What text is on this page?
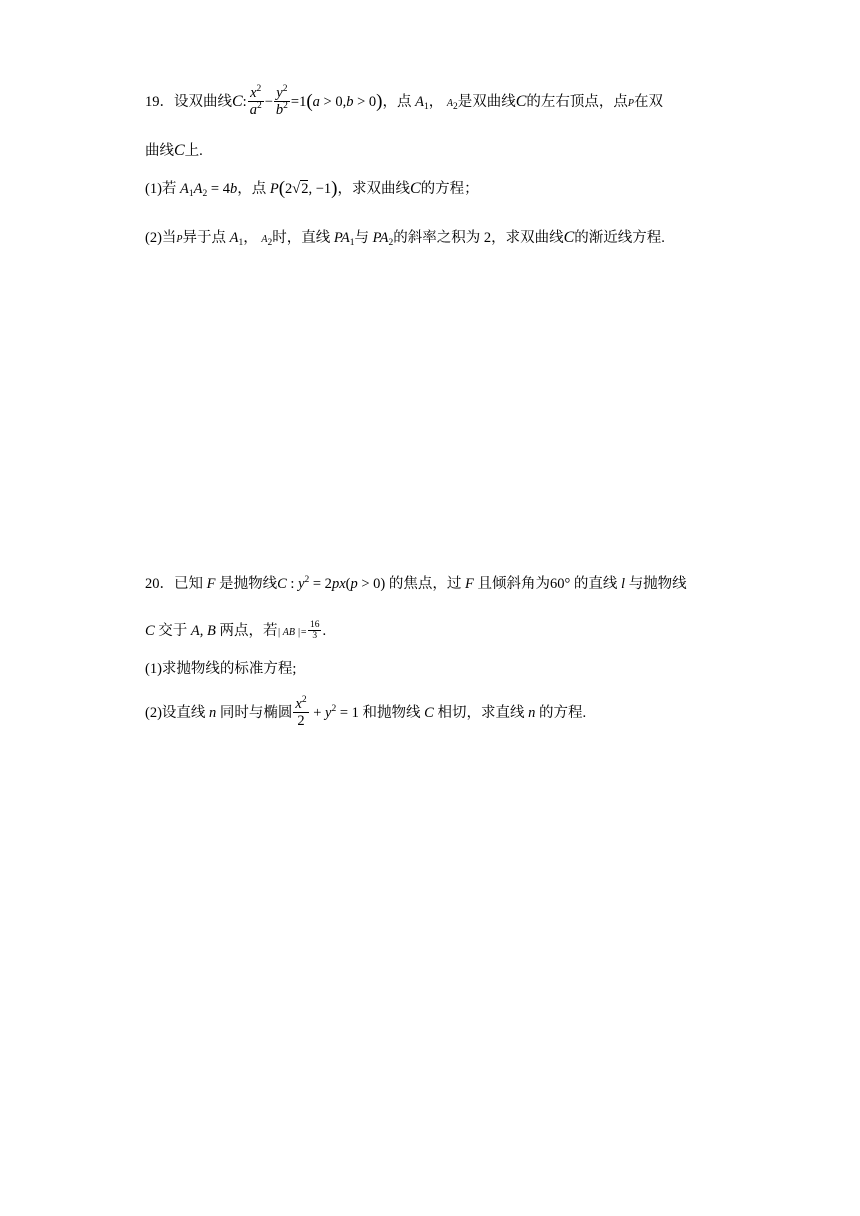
19．设双曲线C: $\frac{x^2}{a^2} - \frac{y^2}{b^2} =1(a > 0,b > 0)$，点 $A_1$， $A_2$是双曲线C的左右顶点，点P在双
曲线C上.
(1)若 $A_1A_2 = 4b$，点 P(2√2, −1)，求双曲线C的方程；
(2)当P异于点 $A_1$， $A_2$时，直线 $PA_1$与 $PA_2$的斜率之积为 2，求双曲线C的渐近线方程.
20．已知 F 是抛物线C : $y^2 = 2px(p > 0)$ 的焦点，过 F 且倾斜角为60° 的直线 l 与抛物线
C 交于 A, B 两点，若| AB |= $\frac{16}{3}$ .
(1)求抛物线的标准方程;
(2)设直线 n 同时与椭圆 $\frac{x^2}{2} + y^2 = 1$ 和抛物线 C 相切，求直线 n 的方程.
